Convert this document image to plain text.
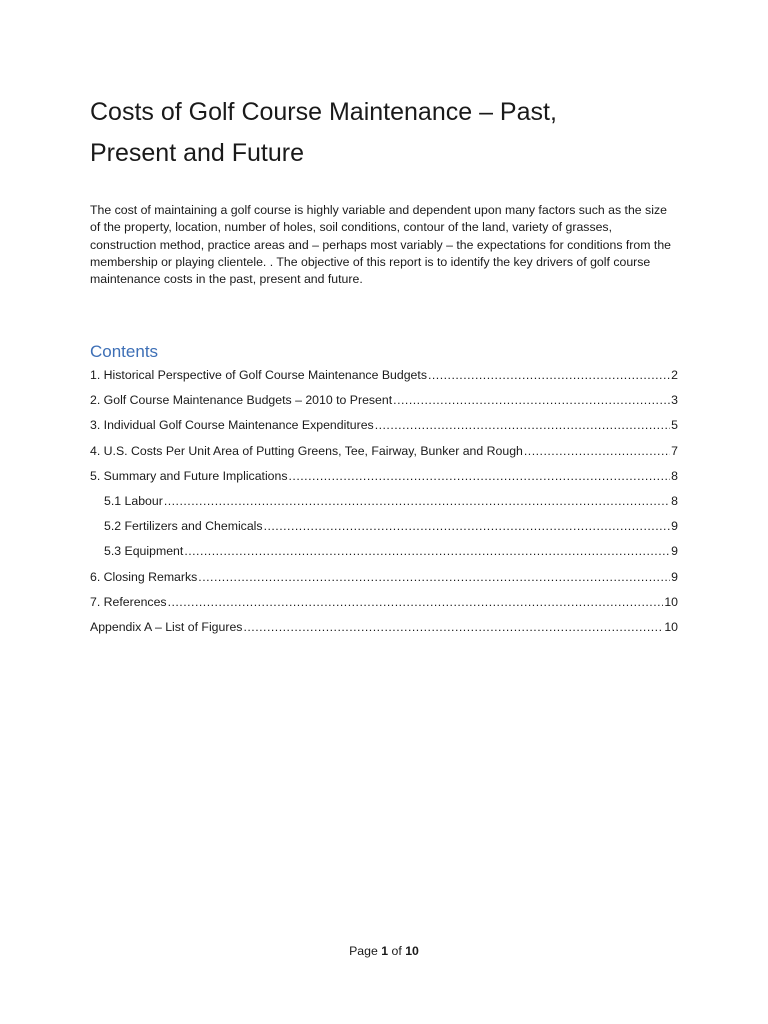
Costs of Golf Course Maintenance – Past,
Present and Future

The cost of maintaining a golf course is highly variable and dependent upon many factors such as the size of the property, location, number of holes, soil conditions, contour of the land, variety of grasses, construction method, practice areas and – perhaps most variably – the expectations for conditions from the membership or playing clientele. . The objective of this report is to identify the key drivers of golf course maintenance costs in the past, present and future.

Contents
1. Historical Perspective of Golf Course Maintenance Budgets .....	2
2. Golf Course Maintenance Budgets – 2010 to Present .....	3
3. Individual Golf Course Maintenance Expenditures .....	5
4. U.S. Costs Per Unit Area of Putting Greens, Tee, Fairway, Bunker and Rough .....	7
5. Summary and Future Implications .....	8
5.1 Labour .....	8
5.2 Fertilizers and Chemicals .....	9
5.3 Equipment .....	9
6. Closing Remarks .....	9
7. References .....	10
Appendix A – List of Figures .....	10
Page 1 of 10
